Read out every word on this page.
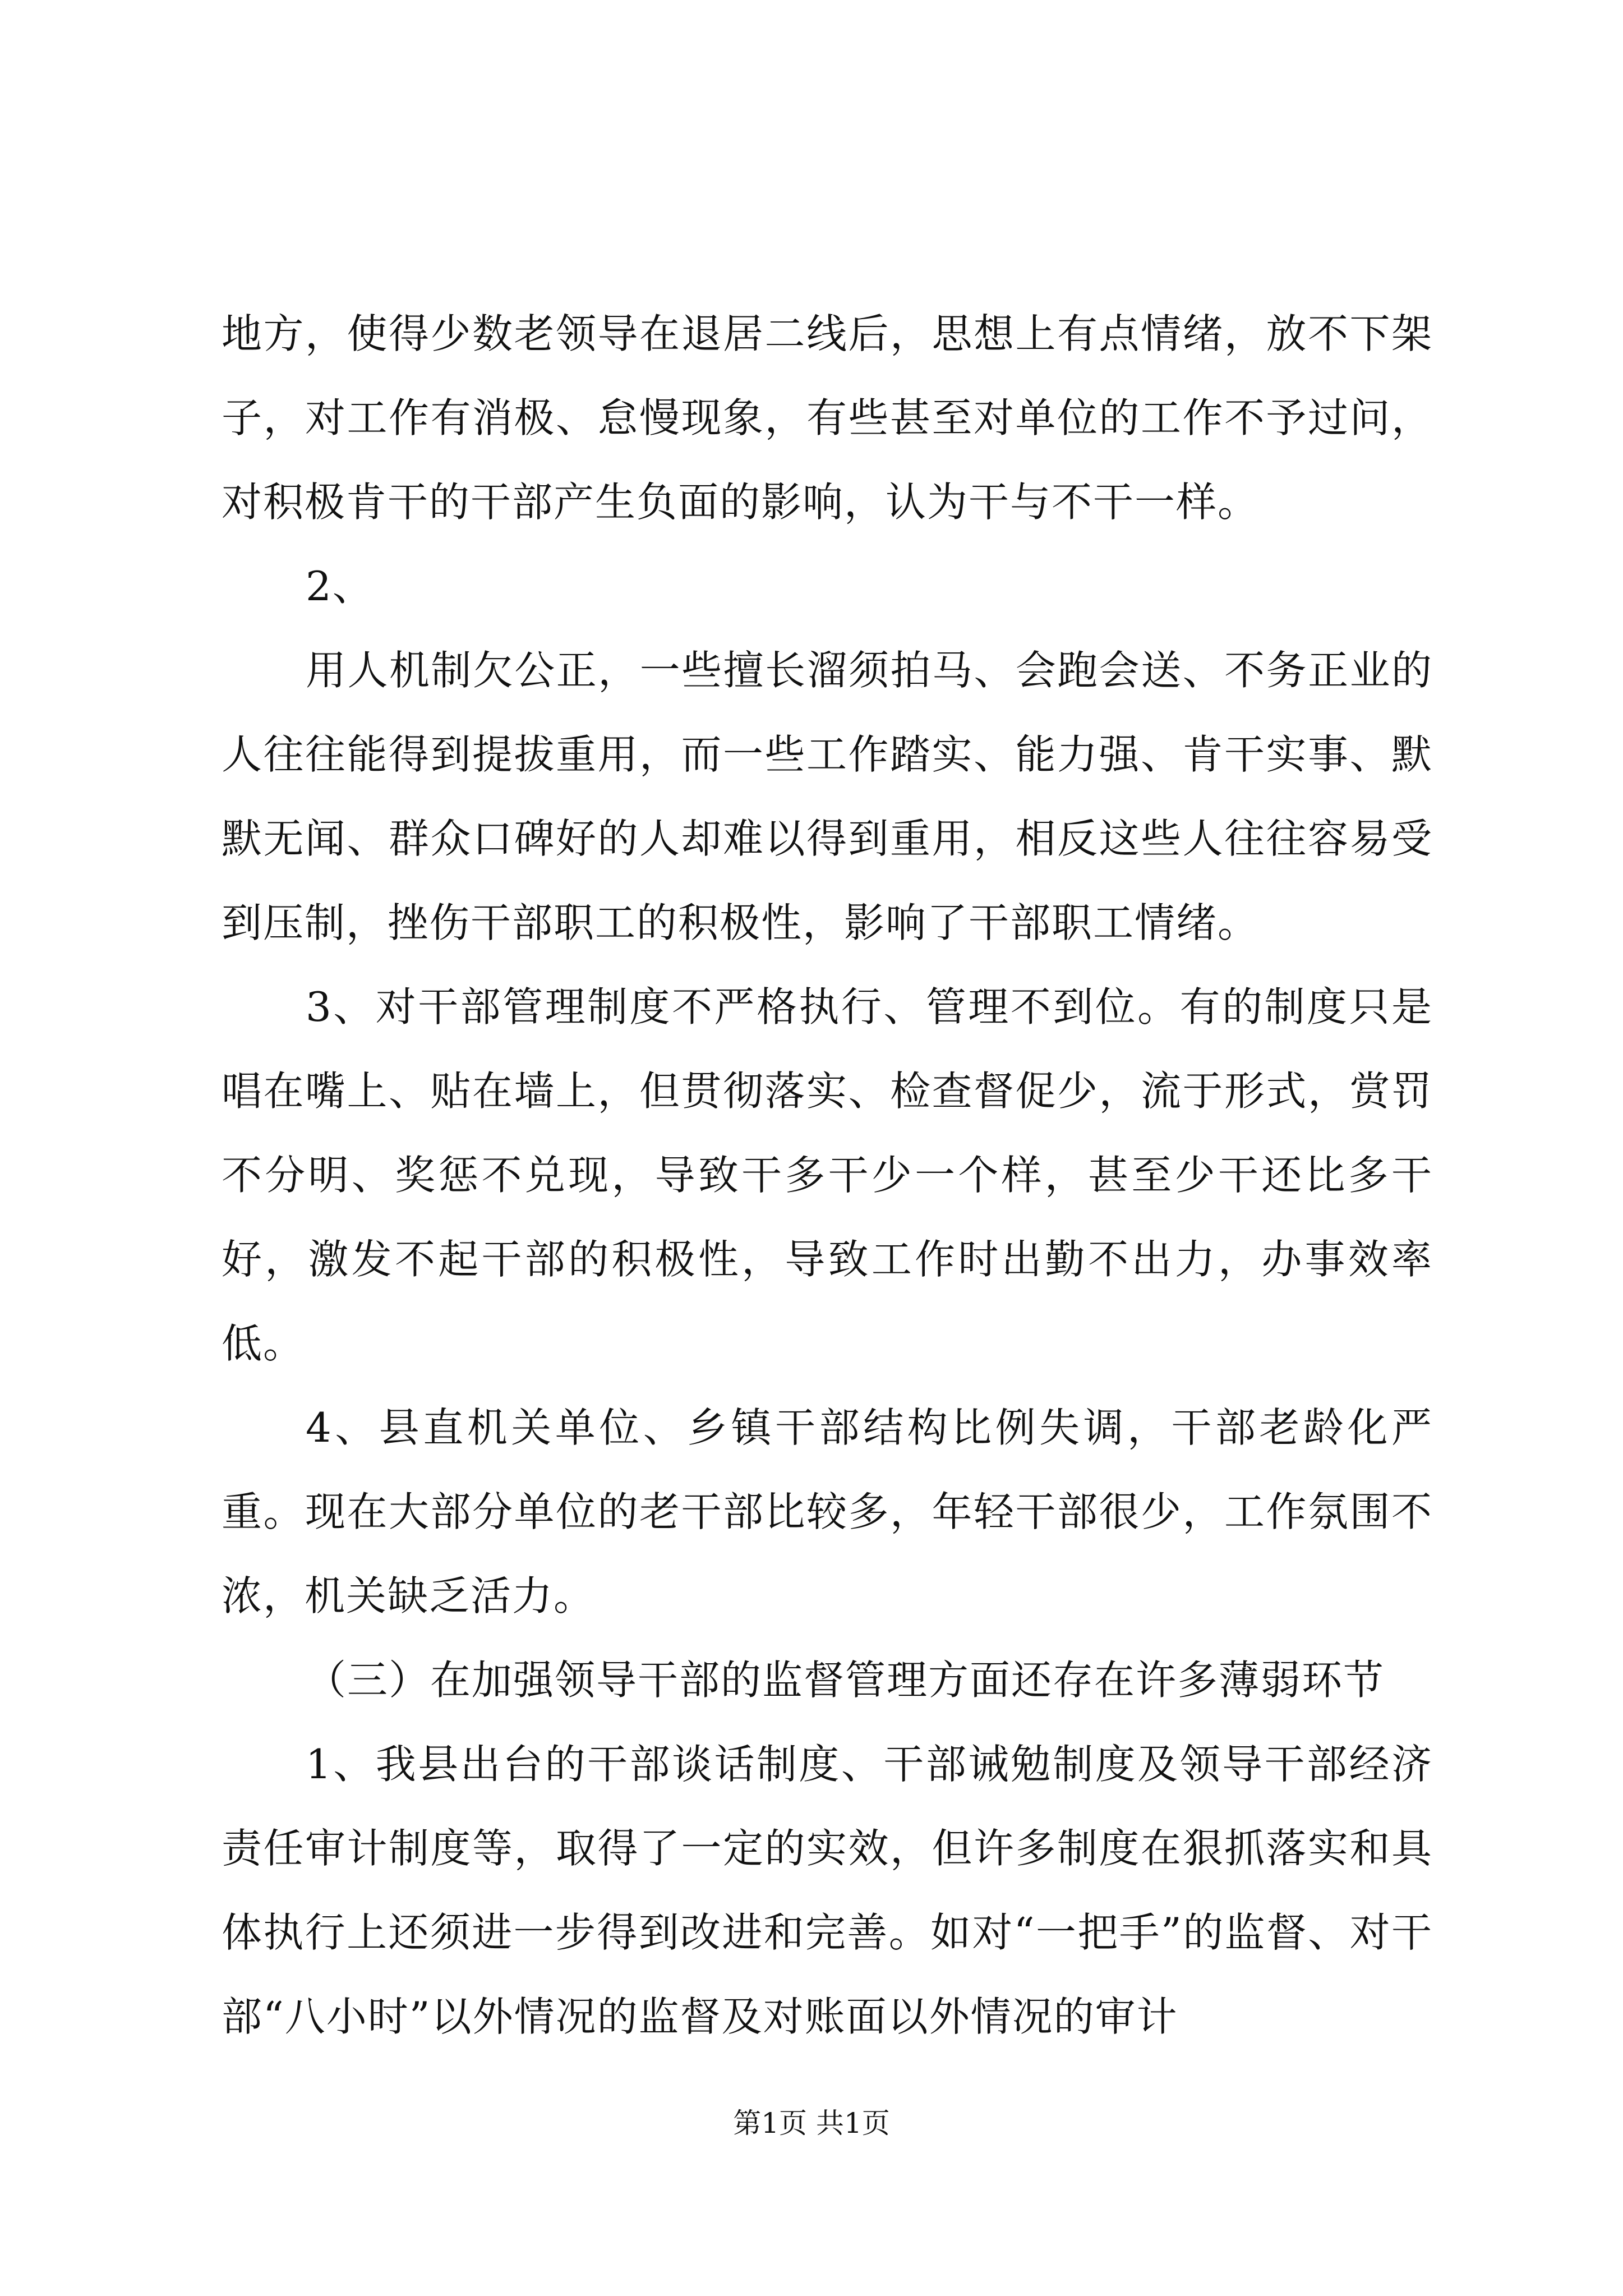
地方，使得少数老领导在退居二线后，思想上有点情绪，放不下架子，对工作有消极、怠慢现象，有些甚至对单位的工作不予过问，对积极肯干的干部产生负面的影响，认为干与不干一样。

2、

用人机制欠公正，一些擅长溜须拍马、会跑会送、不务正业的人往往能得到提拔重用，而一些工作踏实、能力强、肯干实事、默默无闻、群众口碑好的人却难以得到重用，相反这些人往往容易受到压制，挫伤干部职工的积极性，影响了干部职工情绪。

3、对干部管理制度不严格执行、管理不到位。有的制度只是唱在嘴上、贴在墙上，但贯彻落实、检查督促少，流于形式，赏罚不分明、奖惩不兑现，导致干多干少一个样，甚至少干还比多干好，激发不起干部的积极性，导致工作时出勤不出力，办事效率低。

4、县直机关单位、乡镇干部结构比例失调，干部老龄化严重。现在大部分单位的老干部比较多，年轻干部很少，工作氛围不浓，机关缺乏活力。

（三）在加强领导干部的监督管理方面还存在许多薄弱环节

1、我县出台的干部谈话制度、干部诫勉制度及领导干部经济责任审计制度等，取得了一定的实效，但许多制度在狠抓落实和具体执行上还须进一步得到改进和完善。如对“一把手”的监督、对干部“八小时”以外情况的监督及对账面以外情况的审计

第1页 共1页
